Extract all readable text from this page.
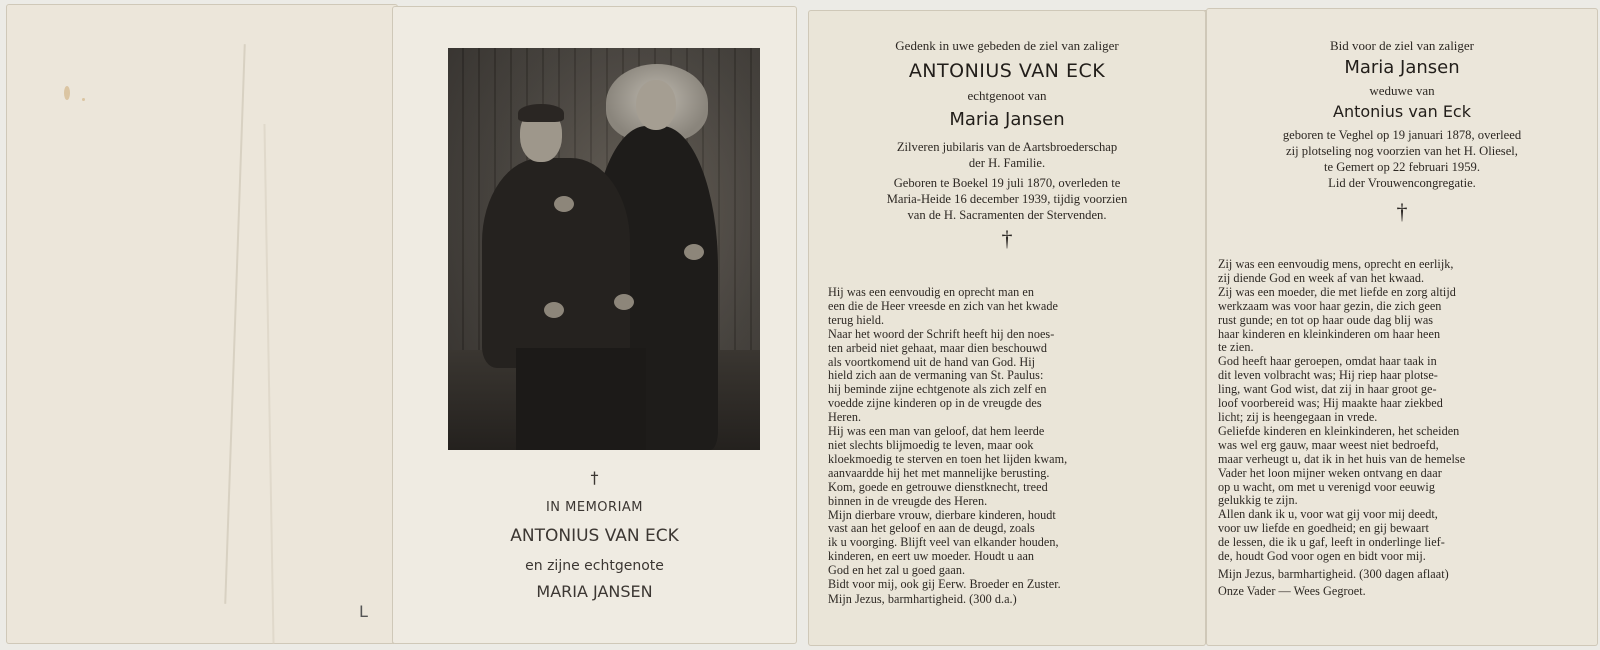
L
†
IN MEMORIAM
ANTONIUS VAN ECK
en zijne echtgenote
MARIA JANSEN
Gedenk in uwe gebeden de ziel van zaliger
ANTONIUS VAN ECK
echtgenoot van
Maria Jansen
Zilveren jubilaris van de Aartsbroederschap
der H. Familie.
Geboren te Boekel 19 juli 1870, overleden te
Maria-Heide 16 december 1939, tijdig voorzien
van de H. Sacramenten der Stervenden.
†
Hij was een eenvoudig en oprecht man en
een die de Heer vreesde en zich van het kwade
terug hield.
Naar het woord der Schrift heeft hij den noes-
ten arbeid niet gehaat, maar dien beschouwd
als voortkomend uit de hand van God. Hij
hield zich aan de vermaning van St. Paulus:
hij beminde zijne echtgenote als zich zelf en
voedde zijne kinderen op in de vreugde des
Heren.
Hij was een man van geloof, dat hem leerde
niet slechts blijmoedig te leven, maar ook
kloekmoedig te sterven en toen het lijden kwam,
aanvaardde hij het met mannelijke berusting.
Kom, goede en getrouwe dienstknecht, treed
binnen in de vreugde des Heren.
Mijn dierbare vrouw, dierbare kinderen, houdt
vast aan het geloof en aan de deugd, zoals
ik u voorging. Blijft veel van elkander houden,
kinderen, en eert uw moeder. Houdt u aan
God en het zal u goed gaan.
Bidt voor mij, ook gij Eerw. Broeder en Zuster.
Mijn Jezus, barmhartigheid. (300 d.a.)
Bid voor de ziel van zaliger
Maria Jansen
weduwe van
Antonius van Eck
geboren te Veghel op 19 januari 1878, overleed
zij plotseling nog voorzien van het H. Oliesel,
te Gemert op 22 februari 1959.
Lid der Vrouwencongregatie.
†
Zij was een eenvoudig mens, oprecht en eerlijk,
zij diende God en week af van het kwaad.
Zij was een moeder, die met liefde en zorg altijd
werkzaam was voor haar gezin, die zich geen
rust gunde; en tot op haar oude dag blij was
haar kinderen en kleinkinderen om haar heen
te zien.
God heeft haar geroepen, omdat haar taak in
dit leven volbracht was; Hij riep haar plotse-
ling, want God wist, dat zij in haar groot ge-
loof voorbereid was; Hij maakte haar ziekbed
licht; zij is heengegaan in vrede.
Geliefde kinderen en kleinkinderen, het scheiden
was wel erg gauw, maar weest niet bedroefd,
maar verheugt u, dat ik in het huis van de hemelse
Vader het loon mijner weken ontvang en daar
op u wacht, om met u verenigd voor eeuwig
gelukkig te zijn.
Allen dank ik u, voor wat gij voor mij deedt,
voor uw liefde en goedheid; en gij bewaart
de lessen, die ik u gaf, leeft in onderlinge lief-
de, houdt God voor ogen en bidt voor mij.
Mijn Jezus, barmhartigheid. (300 dagen aflaat)
Onze Vader — Wees Gegroet.
